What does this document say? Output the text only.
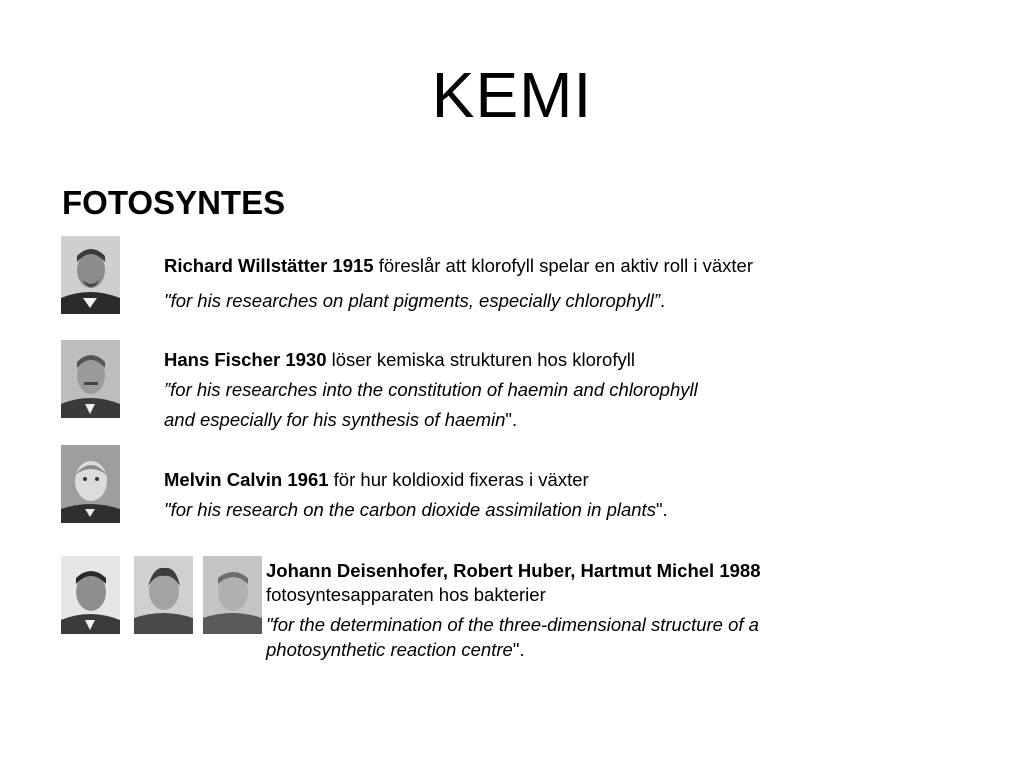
KEMI
FOTOSYNTES
Richard Willstätter 1915 föreslår att klorofyll spelar en aktiv roll i växter
"for his researches on plant pigments, especially chlorophyll”.
Hans Fischer 1930 löser kemiska strukturen hos klorofyll
”for his researches into the constitution of haemin and chlorophyll
and especially for his synthesis of haemin".
Melvin Calvin 1961 för hur koldioxid fixeras i växter
"for his research on the carbon dioxide assimilation in plants".
Johann Deisenhofer, Robert Huber, Hartmut Michel 1988
fotosyntesapparaten hos bakterier
"for the determination of the three-dimensional structure of a
photosynthetic reaction centre".
